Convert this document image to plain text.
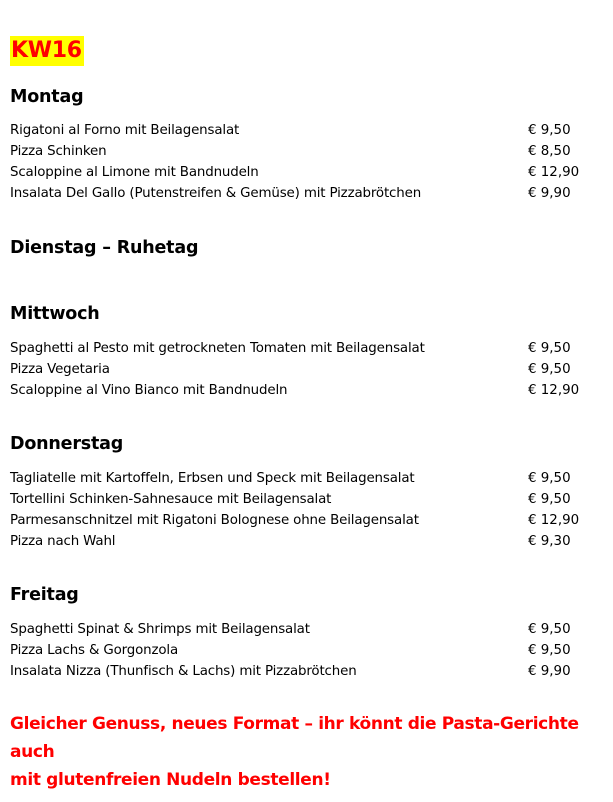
KW16
Montag
Rigatoni al Forno mit Beilagensalat	€ 9,50
Pizza Schinken	€ 8,50
Scaloppine al Limone mit Bandnudeln	€ 12,90
Insalata Del Gallo (Putenstreifen & Gemüse) mit Pizzabrötchen	€ 9,90
Dienstag – Ruhetag
Mittwoch
Spaghetti al Pesto mit getrockneten Tomaten mit Beilagensalat	€ 9,50
Pizza Vegetaria	€ 9,50
Scaloppine al Vino Bianco mit Bandnudeln	€ 12,90
Donnerstag
Tagliatelle mit Kartoffeln, Erbsen und Speck mit Beilagensalat	€ 9,50
Tortellini Schinken-Sahnesauce mit Beilagensalat	€ 9,50
Parmesanschnitzel mit Rigatoni Bolognese ohne Beilagensalat	€ 12,90
Pizza nach Wahl	€ 9,30
Freitag
Spaghetti Spinat & Shrimps mit Beilagensalat	€ 9,50
Pizza Lachs & Gorgonzola	€ 9,50
Insalata Nizza (Thunfisch & Lachs) mit Pizzabrötchen	€ 9,90
Gleicher Genuss, neues Format – ihr könnt die Pasta-Gerichte auch
mit glutenfreien Nudeln bestellen!
